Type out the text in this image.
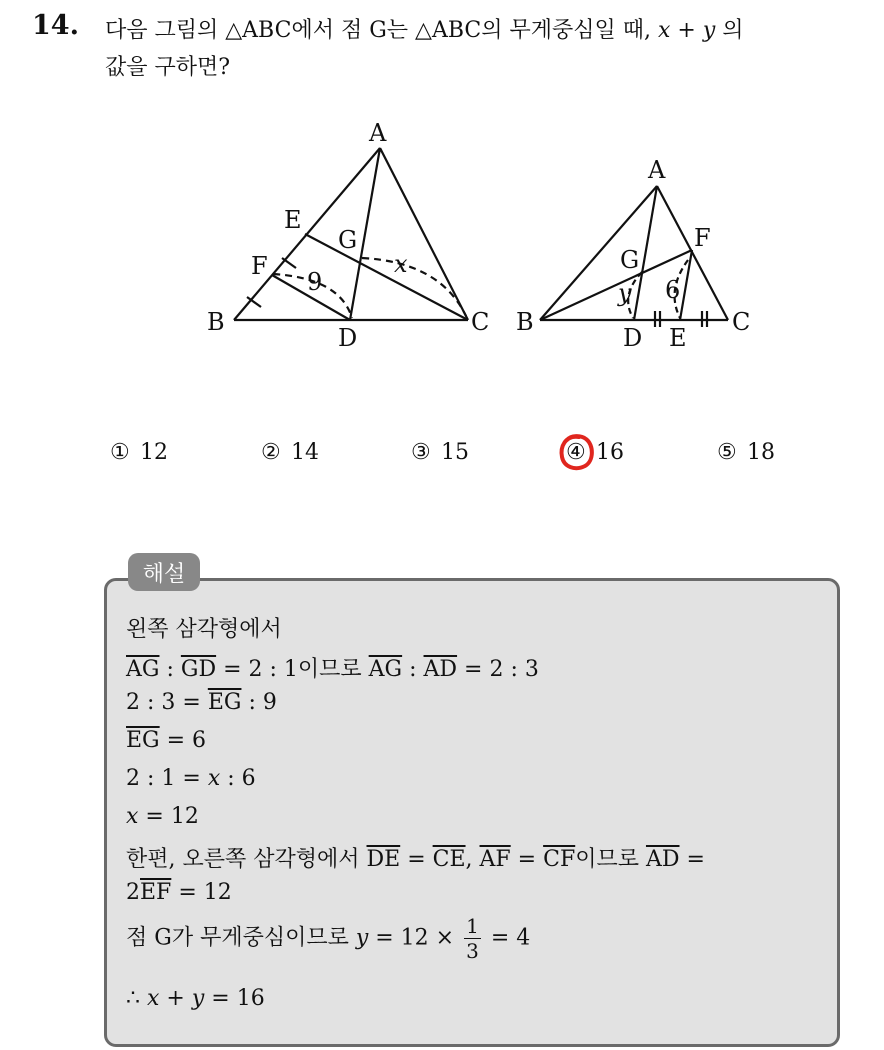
14. 다음 그림의 △ABC에서 점 G는 △ABC의 무게중심일 때, x + y 의
값을 구하면?
A
E
G
F
B
D
C
9
x
A
G
F
B
D E
C
6
y
① 12	② 14	③ 15	④ 16	⑤ 18
해설
왼쪽 삼각형에서
$\overline{AG}$ : $\overline{GD} = 2$ : 1이므로 $\overline{AG}$ : $\overline{AD} = 2$ : 3
2 : $3 = \overline{EG}$ : 9
$\overline{EG} = 6$
2 : 1 = x : 6
x = 12
한편, 오른쪽 삼각형에서 $\overline{DE} = \overline{CE}$, $\overline{AF} = \overline{CF}$이므로 $\overline{AD}$ =
$2\overline{EF} = 12$
점 G가 무게중심이므로 $y = 12 \times \frac{1}{3} = 4$
∴ x + y = 16
